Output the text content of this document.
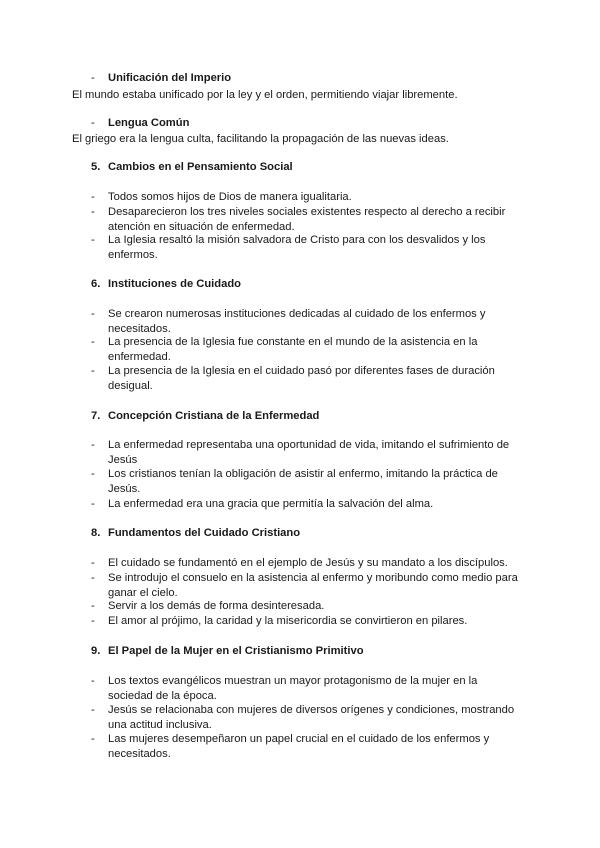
- Unificación del Imperio
El mundo estaba unificado por la ley y el orden, permitiendo viajar libremente.
- Lengua Común
El griego era la lengua culta, facilitando la propagación de las nuevas ideas.
5. Cambios en el Pensamiento Social
- Todos somos hijos de Dios de manera igualitaria.
- Desaparecieron los tres niveles sociales existentes respecto al derecho a recibir atención en situación de enfermedad.
- La Iglesia resaltó la misión salvadora de Cristo para con los desvalidos y los enfermos.
6. Instituciones de Cuidado
- Se crearon numerosas instituciones dedicadas al cuidado de los enfermos y necesitados.
- La presencia de la Iglesia fue constante en el mundo de la asistencia en la enfermedad.
- La presencia de la Iglesia en el cuidado pasó por diferentes fases de duración desigual.
7. Concepción Cristiana de la Enfermedad
- La enfermedad representaba una oportunidad de vida, imitando el sufrimiento de Jesús
- Los cristianos tenían la obligación de asistir al enfermo, imitando la práctica de Jesús.
- La enfermedad era una gracia que permitía la salvación del alma.
8. Fundamentos del Cuidado Cristiano
- El cuidado se fundamentó en el ejemplo de Jesús y su mandato a los discípulos.
- Se introdujo el consuelo en la asistencia al enfermo y moribundo como medio para ganar el cielo.
- Servir a los demás de forma desinteresada.
- El amor al prójimo, la caridad y la misericordia se convirtieron en pilares.
9. El Papel de la Mujer en el Cristianismo Primitivo
- Los textos evangélicos muestran un mayor protagonismo de la mujer en la sociedad de la época.
- Jesús se relacionaba con mujeres de diversos orígenes y condiciones, mostrando una actitud inclusiva.
- Las mujeres desempeñaron un papel crucial en el cuidado de los enfermos y necesitados.
